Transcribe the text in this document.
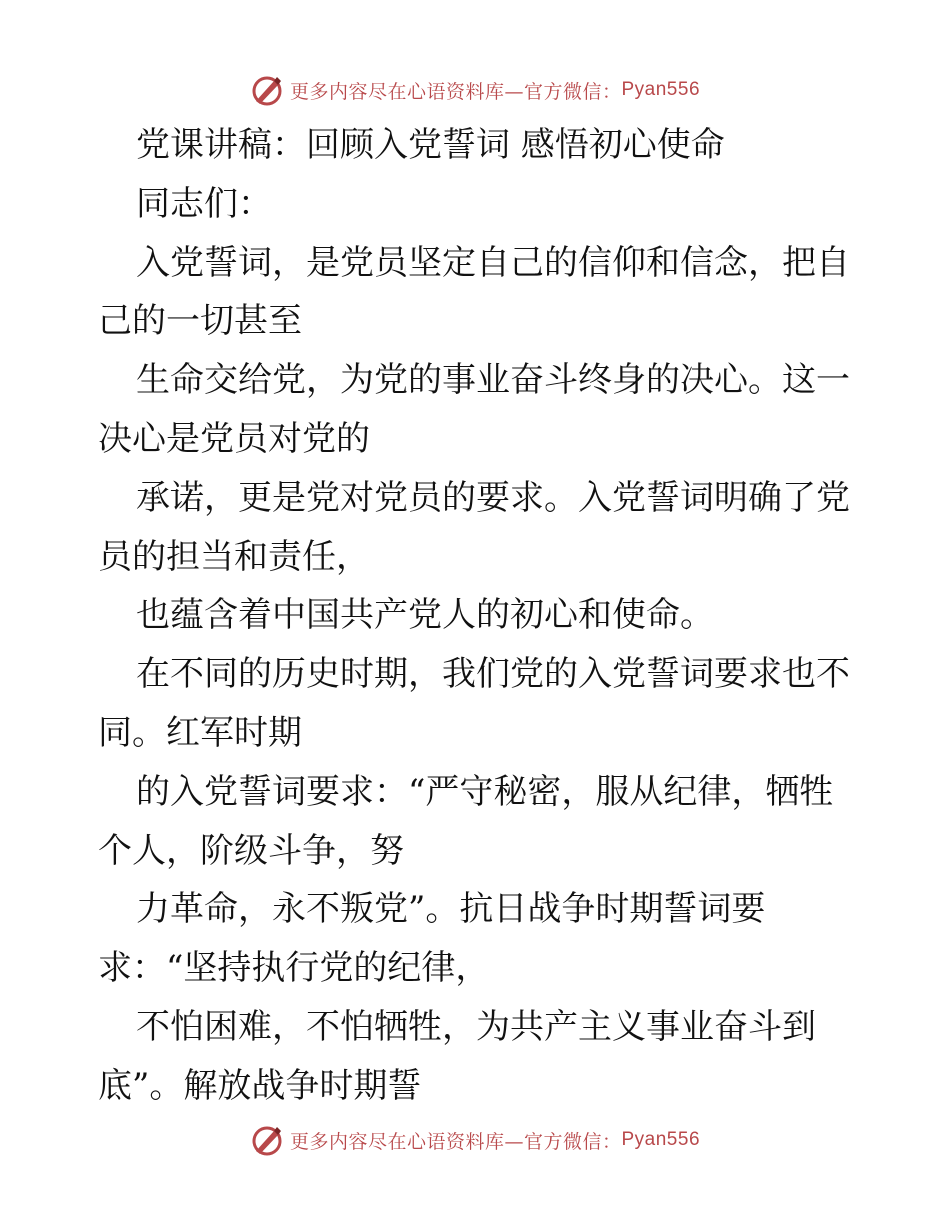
更多内容尽在心语资料库—官方微信： Pyan556
党课讲稿：回顾入党誓词 感悟初心使命
同志们：
入党誓词，是党员坚定自己的信仰和信念，把自
己的一切甚至
生命交给党，为党的事业奋斗终身的决心。这一
决心是党员对党的
承诺，更是党对党员的要求。入党誓词明确了党
员的担当和责任，
也蕴含着中国共产党人的初心和使命。
在不同的历史时期，我们党的入党誓词要求也不
同。红军时期
的入党誓词要求：“严守秘密，服从纪律，牺牲
个人，阶级斗争，努
力革命，永不叛党”。抗日战争时期誓词要
求：“坚持执行党的纪律，
不怕困难，不怕牺牲，为共产主义事业奋斗到
底”。解放战争时期誓
更多内容尽在心语资料库—官方微信： Pyan556
